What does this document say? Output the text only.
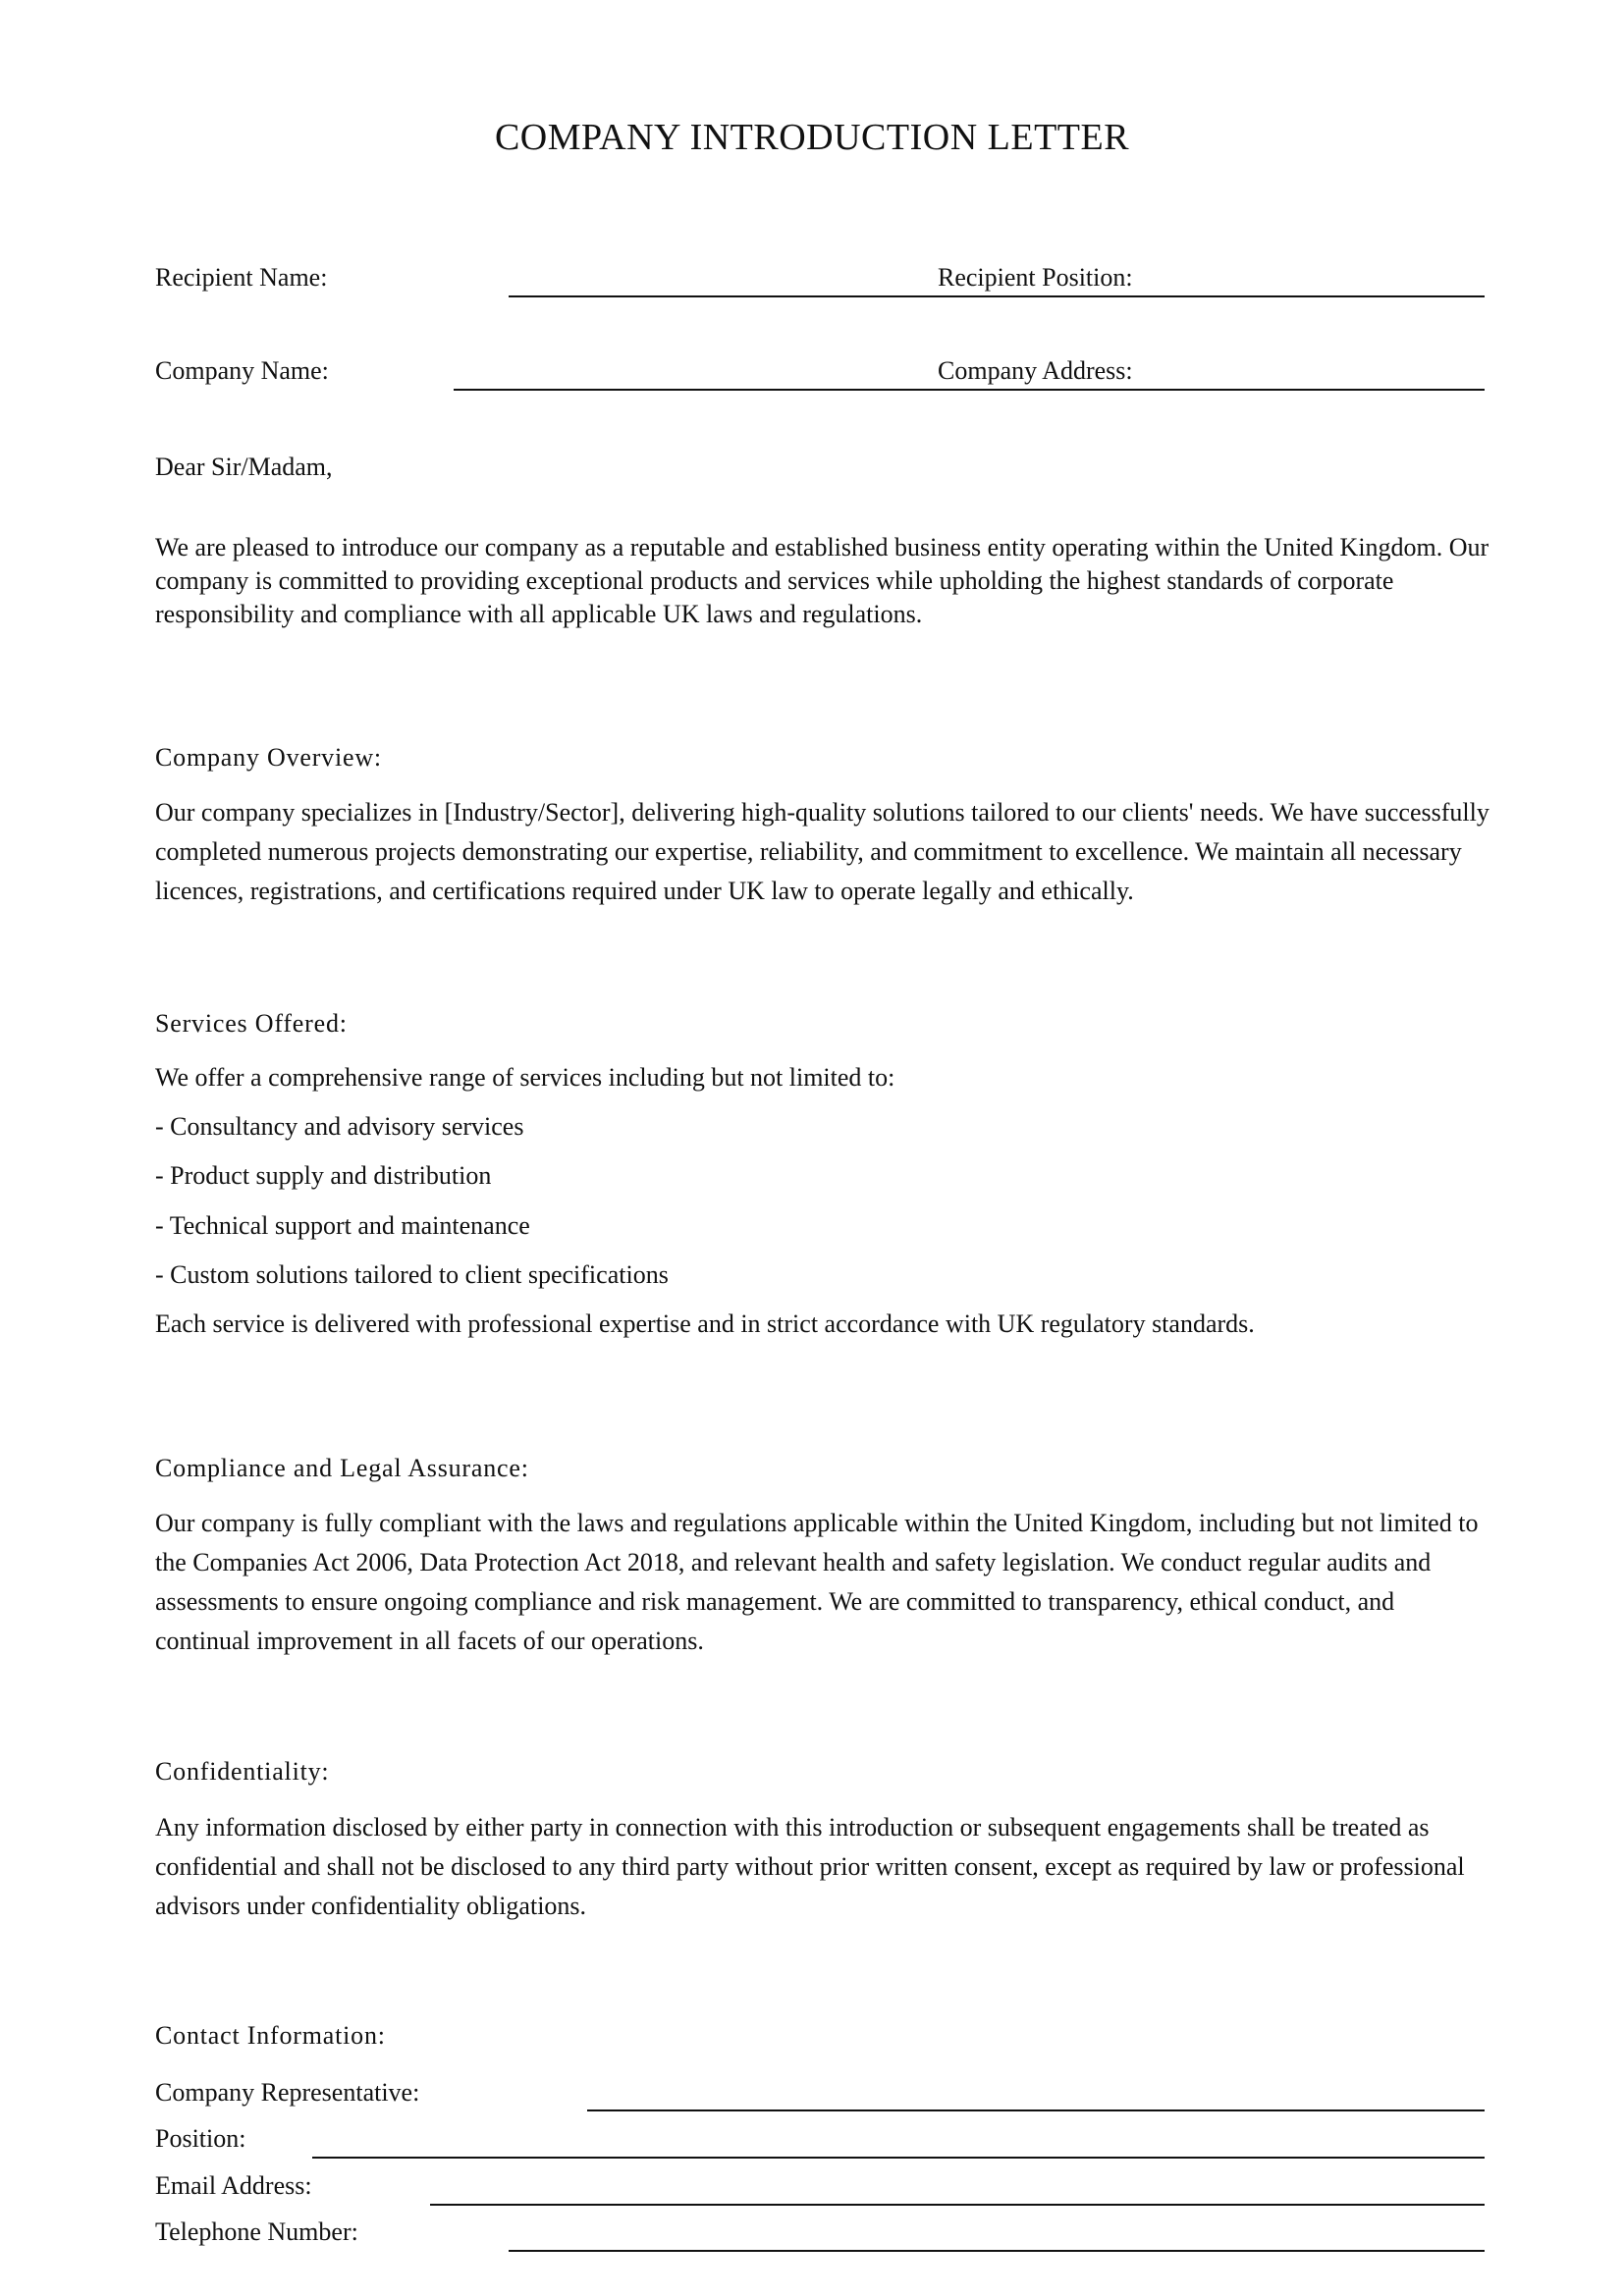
COMPANY INTRODUCTION LETTER
Recipient Name:	Recipient Position:
Company Name:	Company Address:
Dear Sir/Madam,
We are pleased to introduce our company as a reputable and established business entity operating within the United Kingdom. Our company is committed to providing exceptional products and services while upholding the highest standards of corporate responsibility and compliance with all applicable UK laws and regulations.
Company Overview:
Our company specializes in [Industry/Sector], delivering high-quality solutions tailored to our clients' needs. We have successfully completed numerous projects demonstrating our expertise, reliability, and commitment to excellence. We maintain all necessary licences, registrations, and certifications required under UK law to operate legally and ethically.
Services Offered:
We offer a comprehensive range of services including but not limited to:
- Consultancy and advisory services
- Product supply and distribution
- Technical support and maintenance
- Custom solutions tailored to client specifications
Each service is delivered with professional expertise and in strict accordance with UK regulatory standards.
Compliance and Legal Assurance:
Our company is fully compliant with the laws and regulations applicable within the United Kingdom, including but not limited to the Companies Act 2006, Data Protection Act 2018, and relevant health and safety legislation. We conduct regular audits and assessments to ensure ongoing compliance and risk management. We are committed to transparency, ethical conduct, and continual improvement in all facets of our operations.
Confidentiality:
Any information disclosed by either party in connection with this introduction or subsequent engagements shall be treated as confidential and shall not be disclosed to any third party without prior written consent, except as required by law or professional advisors under confidentiality obligations.
Contact Information:
Company Representative:
Position:
Email Address:
Telephone Number:
